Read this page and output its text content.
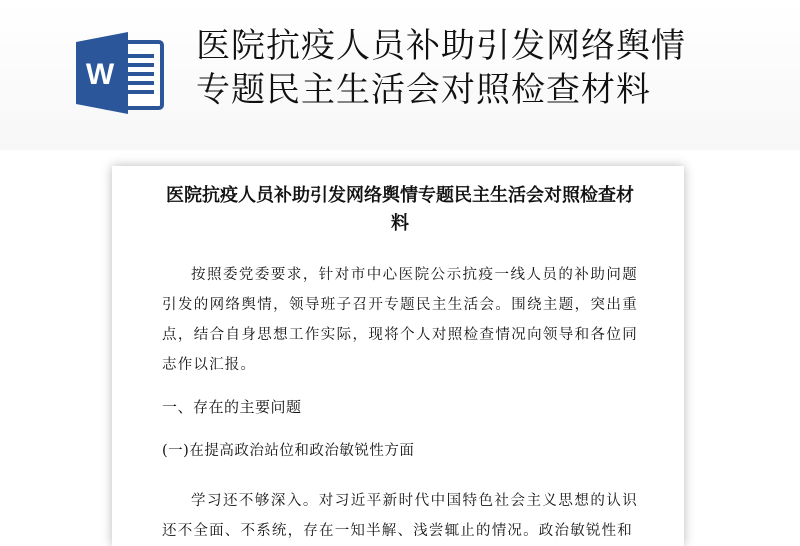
W
医院抗疫人员补助引发网络舆情
专题民主生活会对照检查材料
医院抗疫人员补助引发网络舆情专题民主生活会对照检查材料
按照委党委要求，针对市中心医院公示抗疫一线人员的补助问题引发的网络舆情，领导班子召开专题民主生活会。围绕主题，突出重点，结合自身思想工作实际，现将个人对照检查情况向领导和各位同志作以汇报。
一、存在的主要问题
(一)在提高政治站位和政治敏锐性方面
学习还不够深入。对习近平新时代中国特色社会主义思想的认识还不全面、不系统，存在一知半解、浅尝辄止的情况。政治敏锐性和
